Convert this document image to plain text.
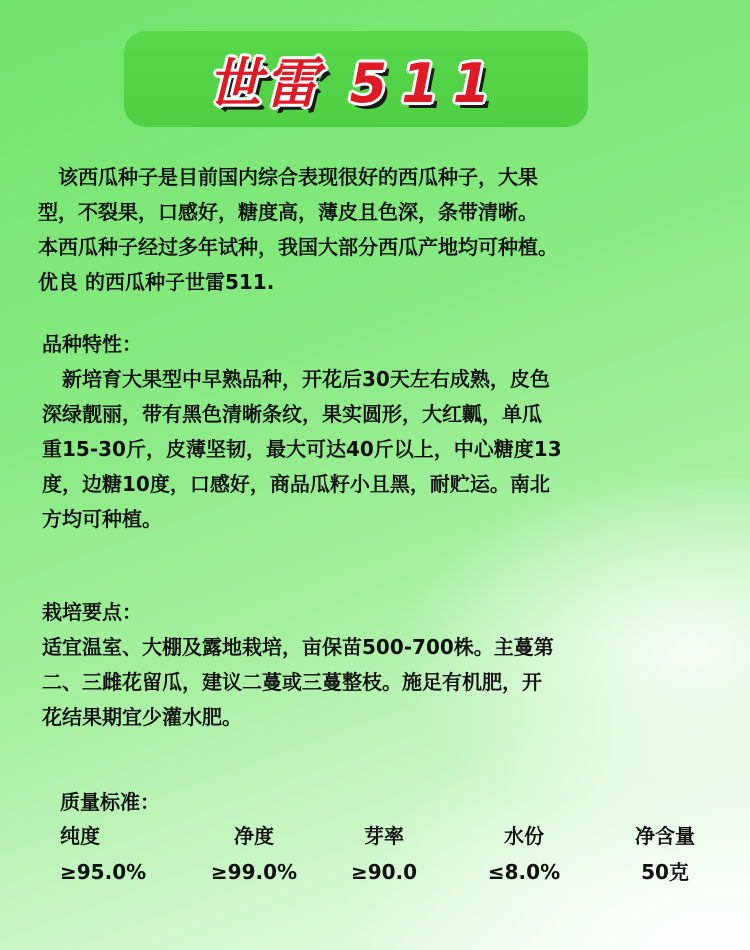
世雷 511
　该西瓜种子是目前国内综合表现很好的西瓜种子，大果
型，不裂果，口感好，糖度高，薄皮且色深，条带清晰。
本西瓜种子经过多年试种，我国大部分西瓜产地均可种植。
优良 的西瓜种子世雷511.
品种特性：
　新培育大果型中早熟品种，开花后30天左右成熟，皮色
深绿靓丽，带有黑色清晰条纹，果实圆形，大红瓤，单瓜
重15-30斤，皮薄坚韧，最大可达40斤以上，中心糖度13
度，边糖10度，口感好，商品瓜籽小且黑，耐贮运。南北
方均可种植。
栽培要点：
适宜温室、大棚及露地栽培，亩保苗500-700株。主蔓第
二、三雌花留瓜，建议二蔓或三蔓整枝。施足有机肥，开
花结果期宜少灌水肥。
质量标准：
纯度	净度	芽率	水份	净含量
≥95.0%	≥99.0%	≥90.0	≤8.0%	50克
